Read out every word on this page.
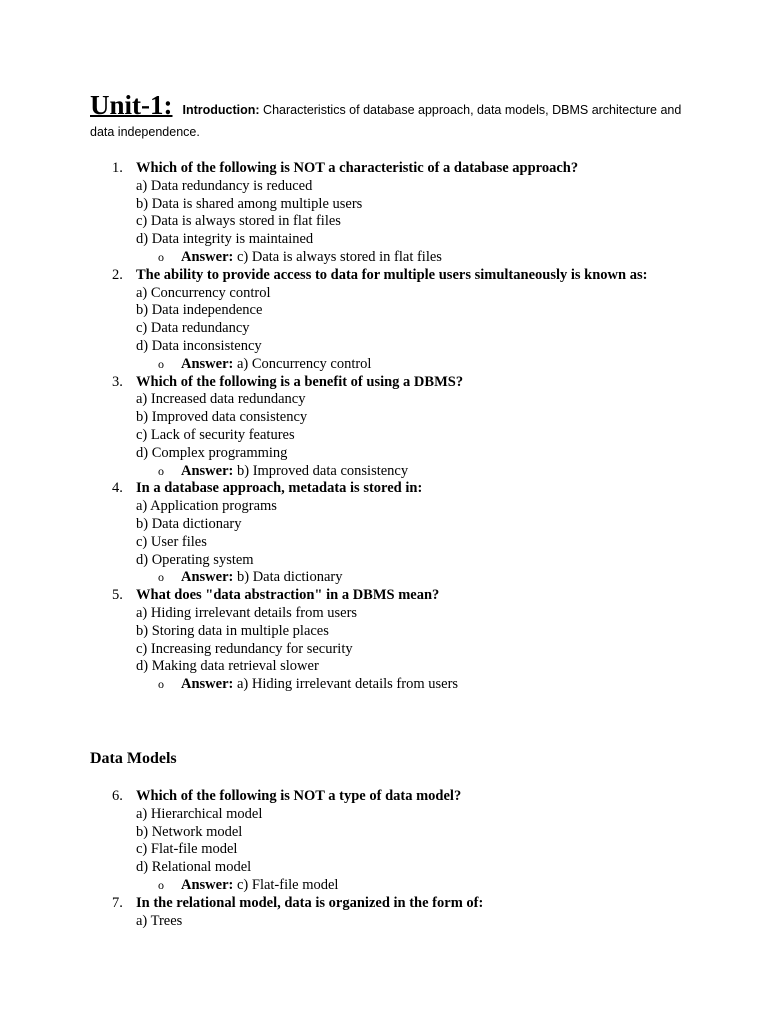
Unit-1: Introduction: Characteristics of database approach, data models, DBMS architecture and
data independence.
1. Which of the following is NOT a characteristic of a database approach?
a) Data redundancy is reduced
b) Data is shared among multiple users
c) Data is always stored in flat files
d) Data integrity is maintained
o Answer: c) Data is always stored in flat files
2. The ability to provide access to data for multiple users simultaneously is known as:
a) Concurrency control
b) Data independence
c) Data redundancy
d) Data inconsistency
o Answer: a) Concurrency control
3. Which of the following is a benefit of using a DBMS?
a) Increased data redundancy
b) Improved data consistency
c) Lack of security features
d) Complex programming
o Answer: b) Improved data consistency
4. In a database approach, metadata is stored in:
a) Application programs
b) Data dictionary
c) User files
d) Operating system
o Answer: b) Data dictionary
5. What does "data abstraction" in a DBMS mean?
a) Hiding irrelevant details from users
b) Storing data in multiple places
c) Increasing redundancy for security
d) Making data retrieval slower
o Answer: a) Hiding irrelevant details from users
Data Models
6. Which of the following is NOT a type of data model?
a) Hierarchical model
b) Network model
c) Flat-file model
d) Relational model
o Answer: c) Flat-file model
7. In the relational model, data is organized in the form of:
a) Trees
